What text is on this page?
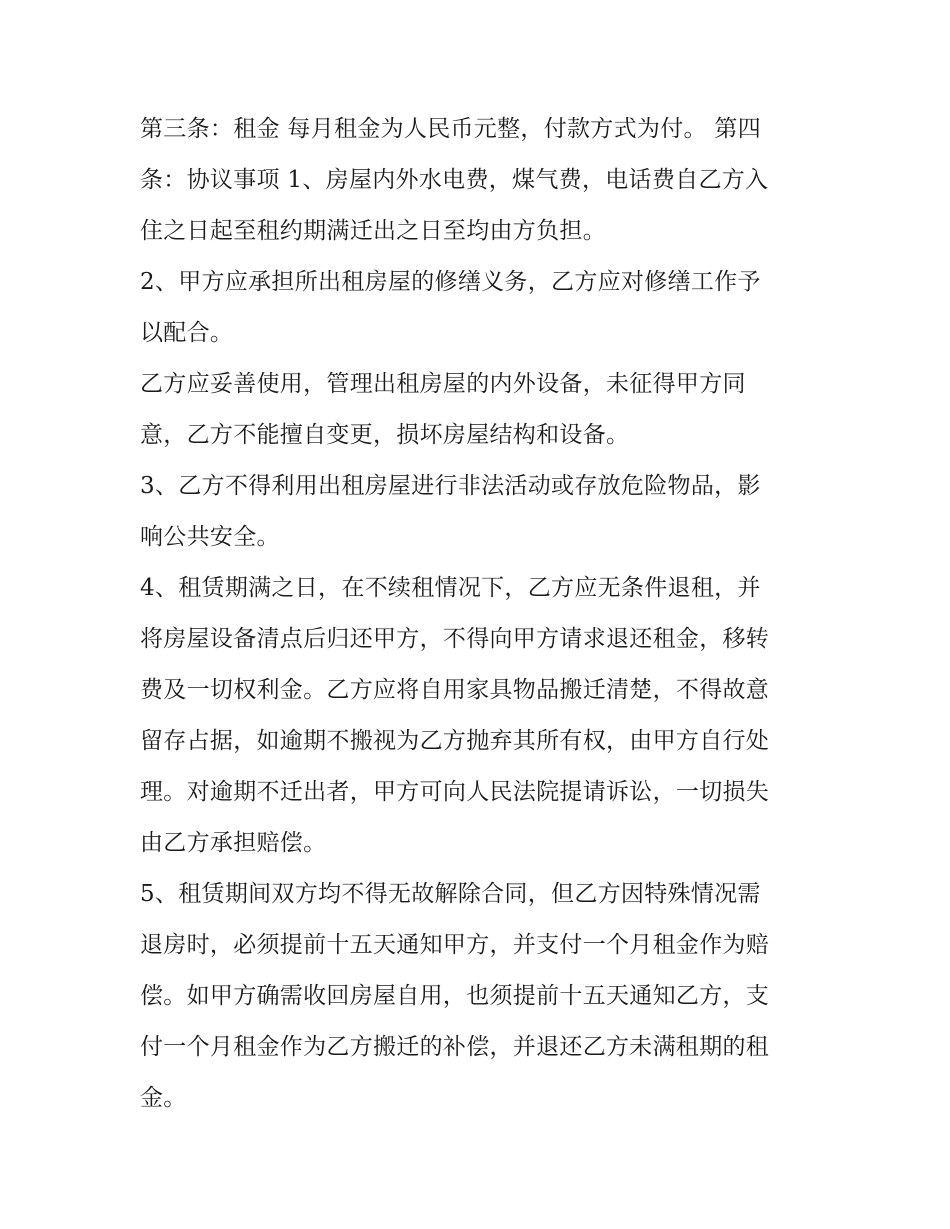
第三条：租金 每月租金为人民币元整，付款方式为付。 第四
条：协议事项 1、房屋内外水电费，煤气费，电话费自乙方入
住之日起至租约期满迁出之日至均由方负担。
2、甲方应承担所出租房屋的修缮义务，乙方应对修缮工作予
以配合。
乙方应妥善使用，管理出租房屋的内外设备，未征得甲方同
意，乙方不能擅自变更，损坏房屋结构和设备。
3、乙方不得利用出租房屋进行非法活动或存放危险物品，影
响公共安全。
4、租赁期满之日，在不续租情况下，乙方应无条件退租，并
将房屋设备清点后归还甲方，不得向甲方请求退还租金，移转
费及一切权利金。乙方应将自用家具物品搬迁清楚，不得故意
留存占据，如逾期不搬视为乙方抛弃其所有权，由甲方自行处
理。对逾期不迁出者，甲方可向人民法院提请诉讼，一切损失
由乙方承担赔偿。
5、租赁期间双方均不得无故解除合同，但乙方因特殊情况需
退房时，必须提前十五天通知甲方，并支付一个月租金作为赔
偿。如甲方确需收回房屋自用，也须提前十五天通知乙方，支
付一个月租金作为乙方搬迁的补偿，并退还乙方未满租期的租
金。
